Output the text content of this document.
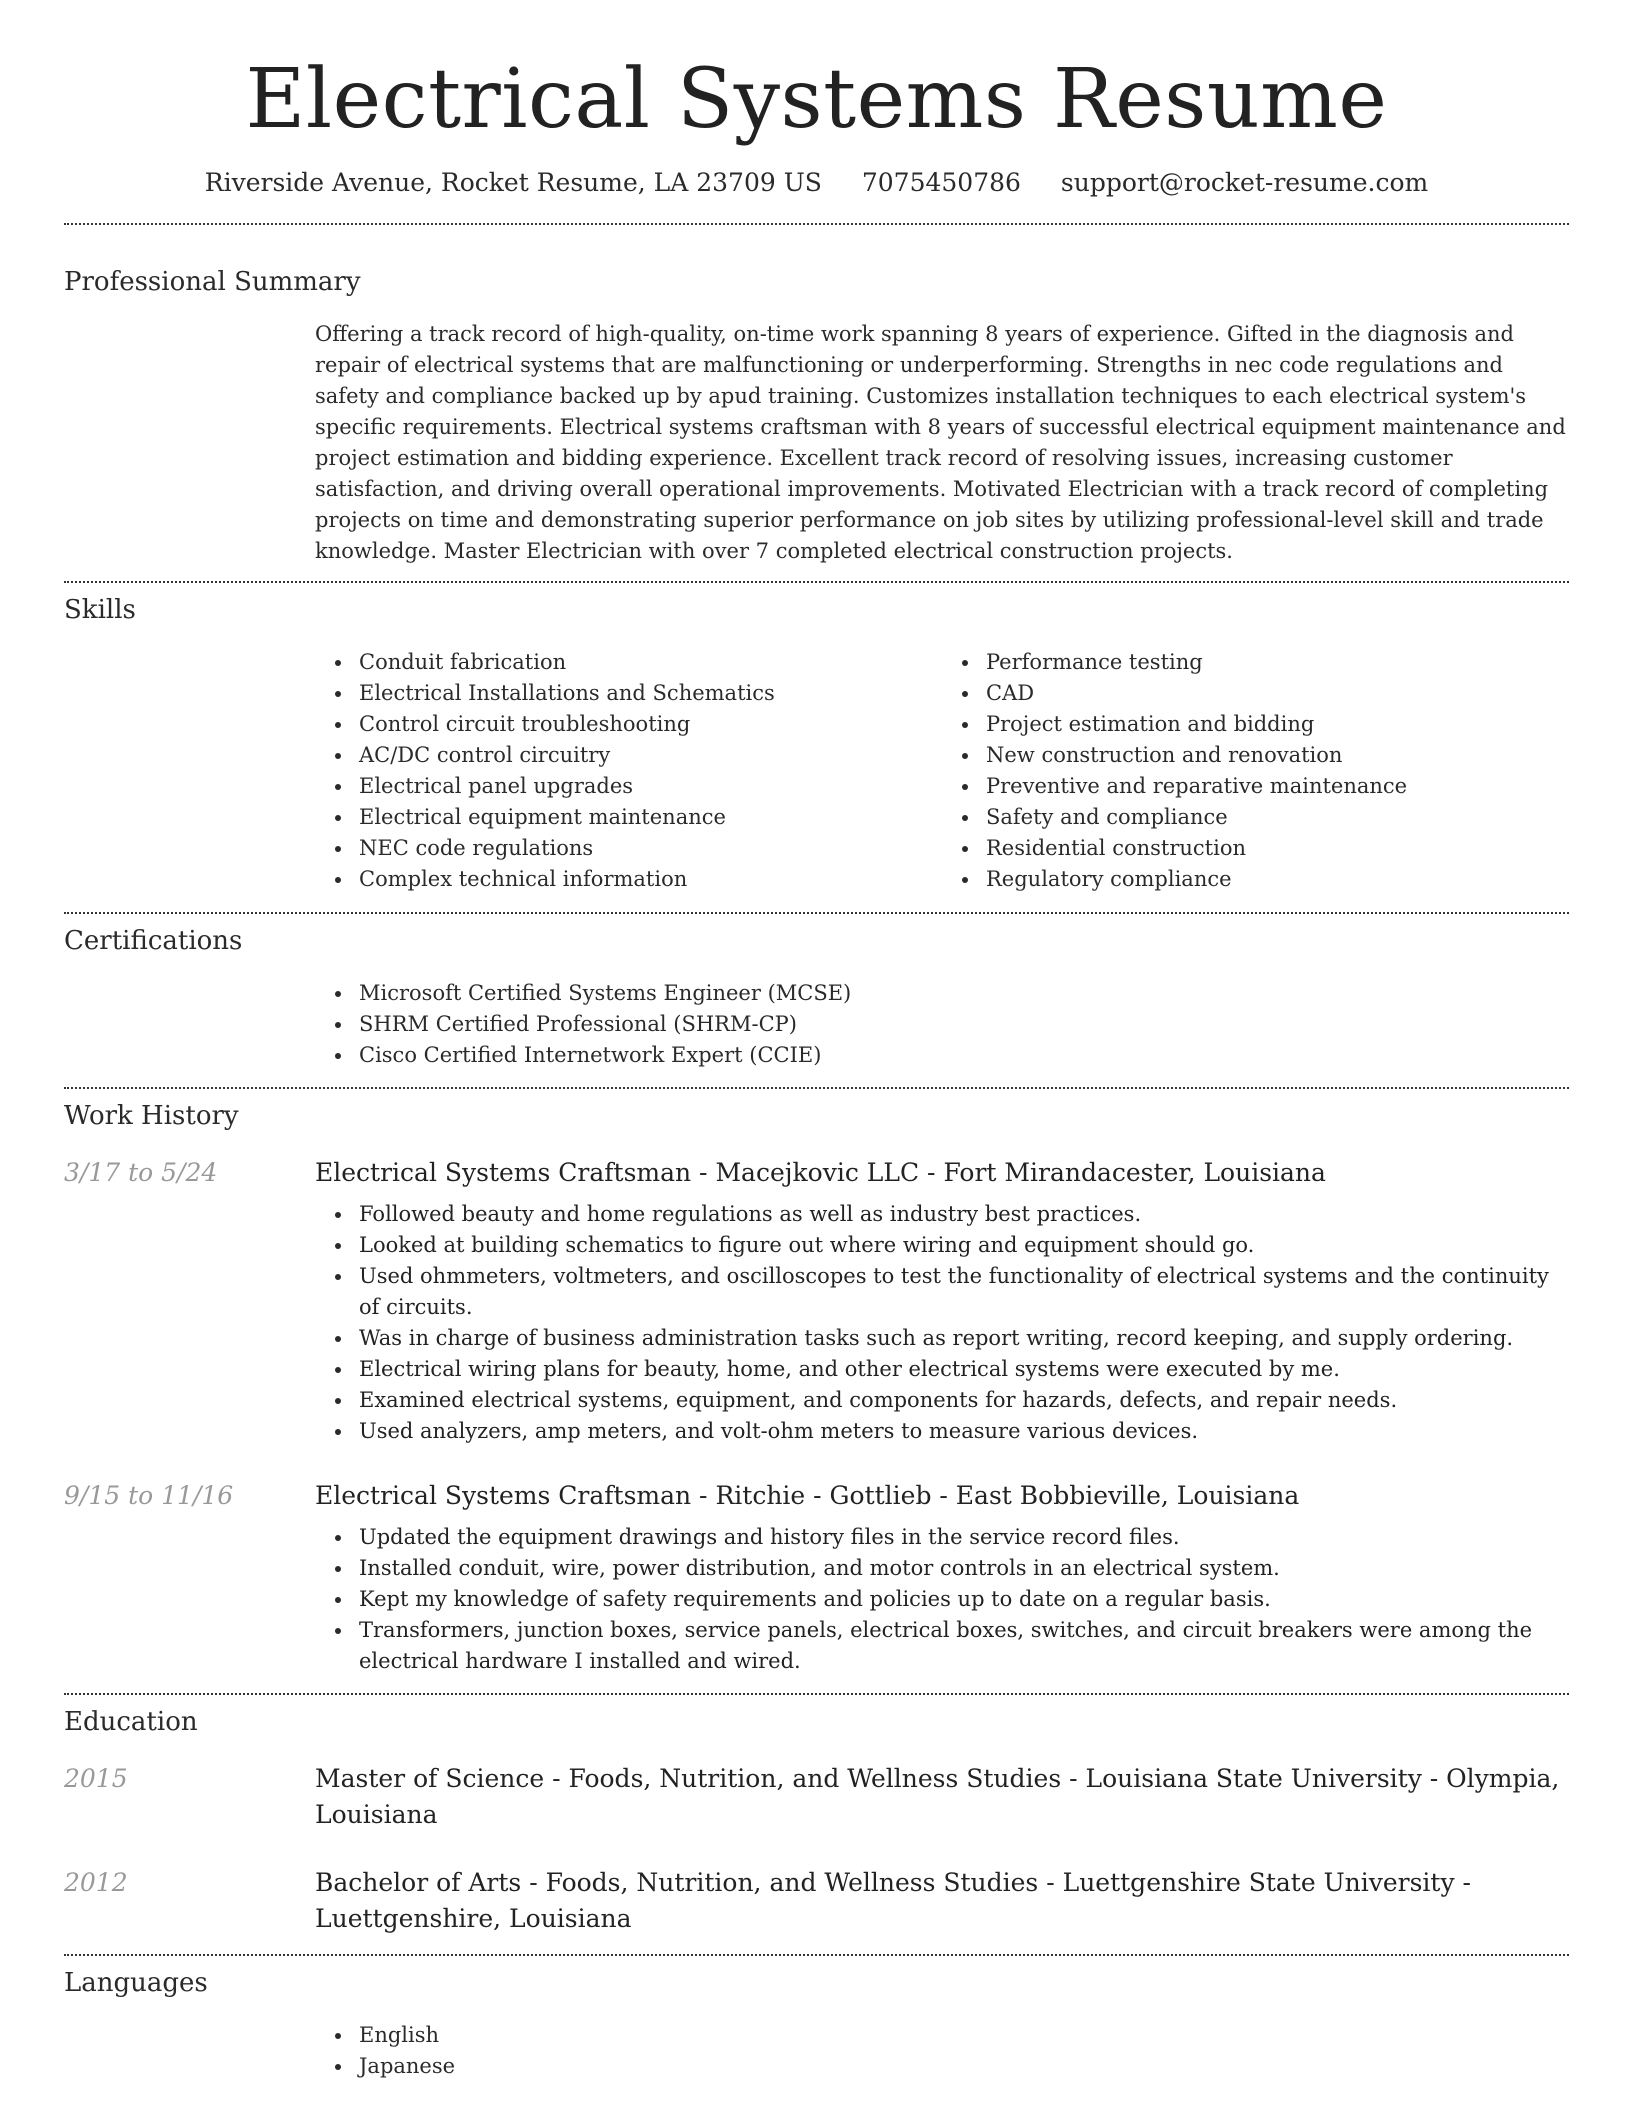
Electrical Systems Resume
Riverside Avenue, Rocket Resume, LA 23709 US 7075450786 support@rocket-resume.com
Professional Summary
Offering a track record of high-quality, on-time work spanning 8 years of experience. Gifted in the diagnosis and repair of electrical systems that are malfunctioning or underperforming. Strengths in nec code regulations and safety and compliance backed up by apud training. Customizes installation techniques to each electrical system's specific requirements. Electrical systems craftsman with 8 years of successful electrical equipment maintenance and project estimation and bidding experience. Excellent track record of resolving issues, increasing customer satisfaction, and driving overall operational improvements. Motivated Electrician with a track record of completing projects on time and demonstrating superior performance on job sites by utilizing professional-level skill and trade knowledge. Master Electrician with over 7 completed electrical construction projects.
Skills
Conduit fabrication
Electrical Installations and Schematics
Control circuit troubleshooting
AC/DC control circuitry
Electrical panel upgrades
Electrical equipment maintenance
NEC code regulations
Complex technical information
Performance testing
CAD
Project estimation and bidding
New construction and renovation
Preventive and reparative maintenance
Safety and compliance
Residential construction
Regulatory compliance
Certifications
Microsoft Certified Systems Engineer (MCSE)
SHRM Certified Professional (SHRM-CP)
Cisco Certified Internetwork Expert (CCIE)
Work History
3/17 to 5/24	Electrical Systems Craftsman - Macejkovic LLC - Fort Mirandacester, Louisiana
Followed beauty and home regulations as well as industry best practices.
Looked at building schematics to figure out where wiring and equipment should go.
Used ohmmeters, voltmeters, and oscilloscopes to test the functionality of electrical systems and the continuity of circuits.
Was in charge of business administration tasks such as report writing, record keeping, and supply ordering.
Electrical wiring plans for beauty, home, and other electrical systems were executed by me.
Examined electrical systems, equipment, and components for hazards, defects, and repair needs.
Used analyzers, amp meters, and volt-ohm meters to measure various devices.
9/15 to 11/16	Electrical Systems Craftsman - Ritchie - Gottlieb - East Bobbieville, Louisiana
Updated the equipment drawings and history files in the service record files.
Installed conduit, wire, power distribution, and motor controls in an electrical system.
Kept my knowledge of safety requirements and policies up to date on a regular basis.
Transformers, junction boxes, service panels, electrical boxes, switches, and circuit breakers were among the electrical hardware I installed and wired.
Education
2015	Master of Science - Foods, Nutrition, and Wellness Studies - Louisiana State University - Olympia, Louisiana
2012	Bachelor of Arts - Foods, Nutrition, and Wellness Studies - Luettgenshire State University - Luettgenshire, Louisiana
Languages
English
Japanese
